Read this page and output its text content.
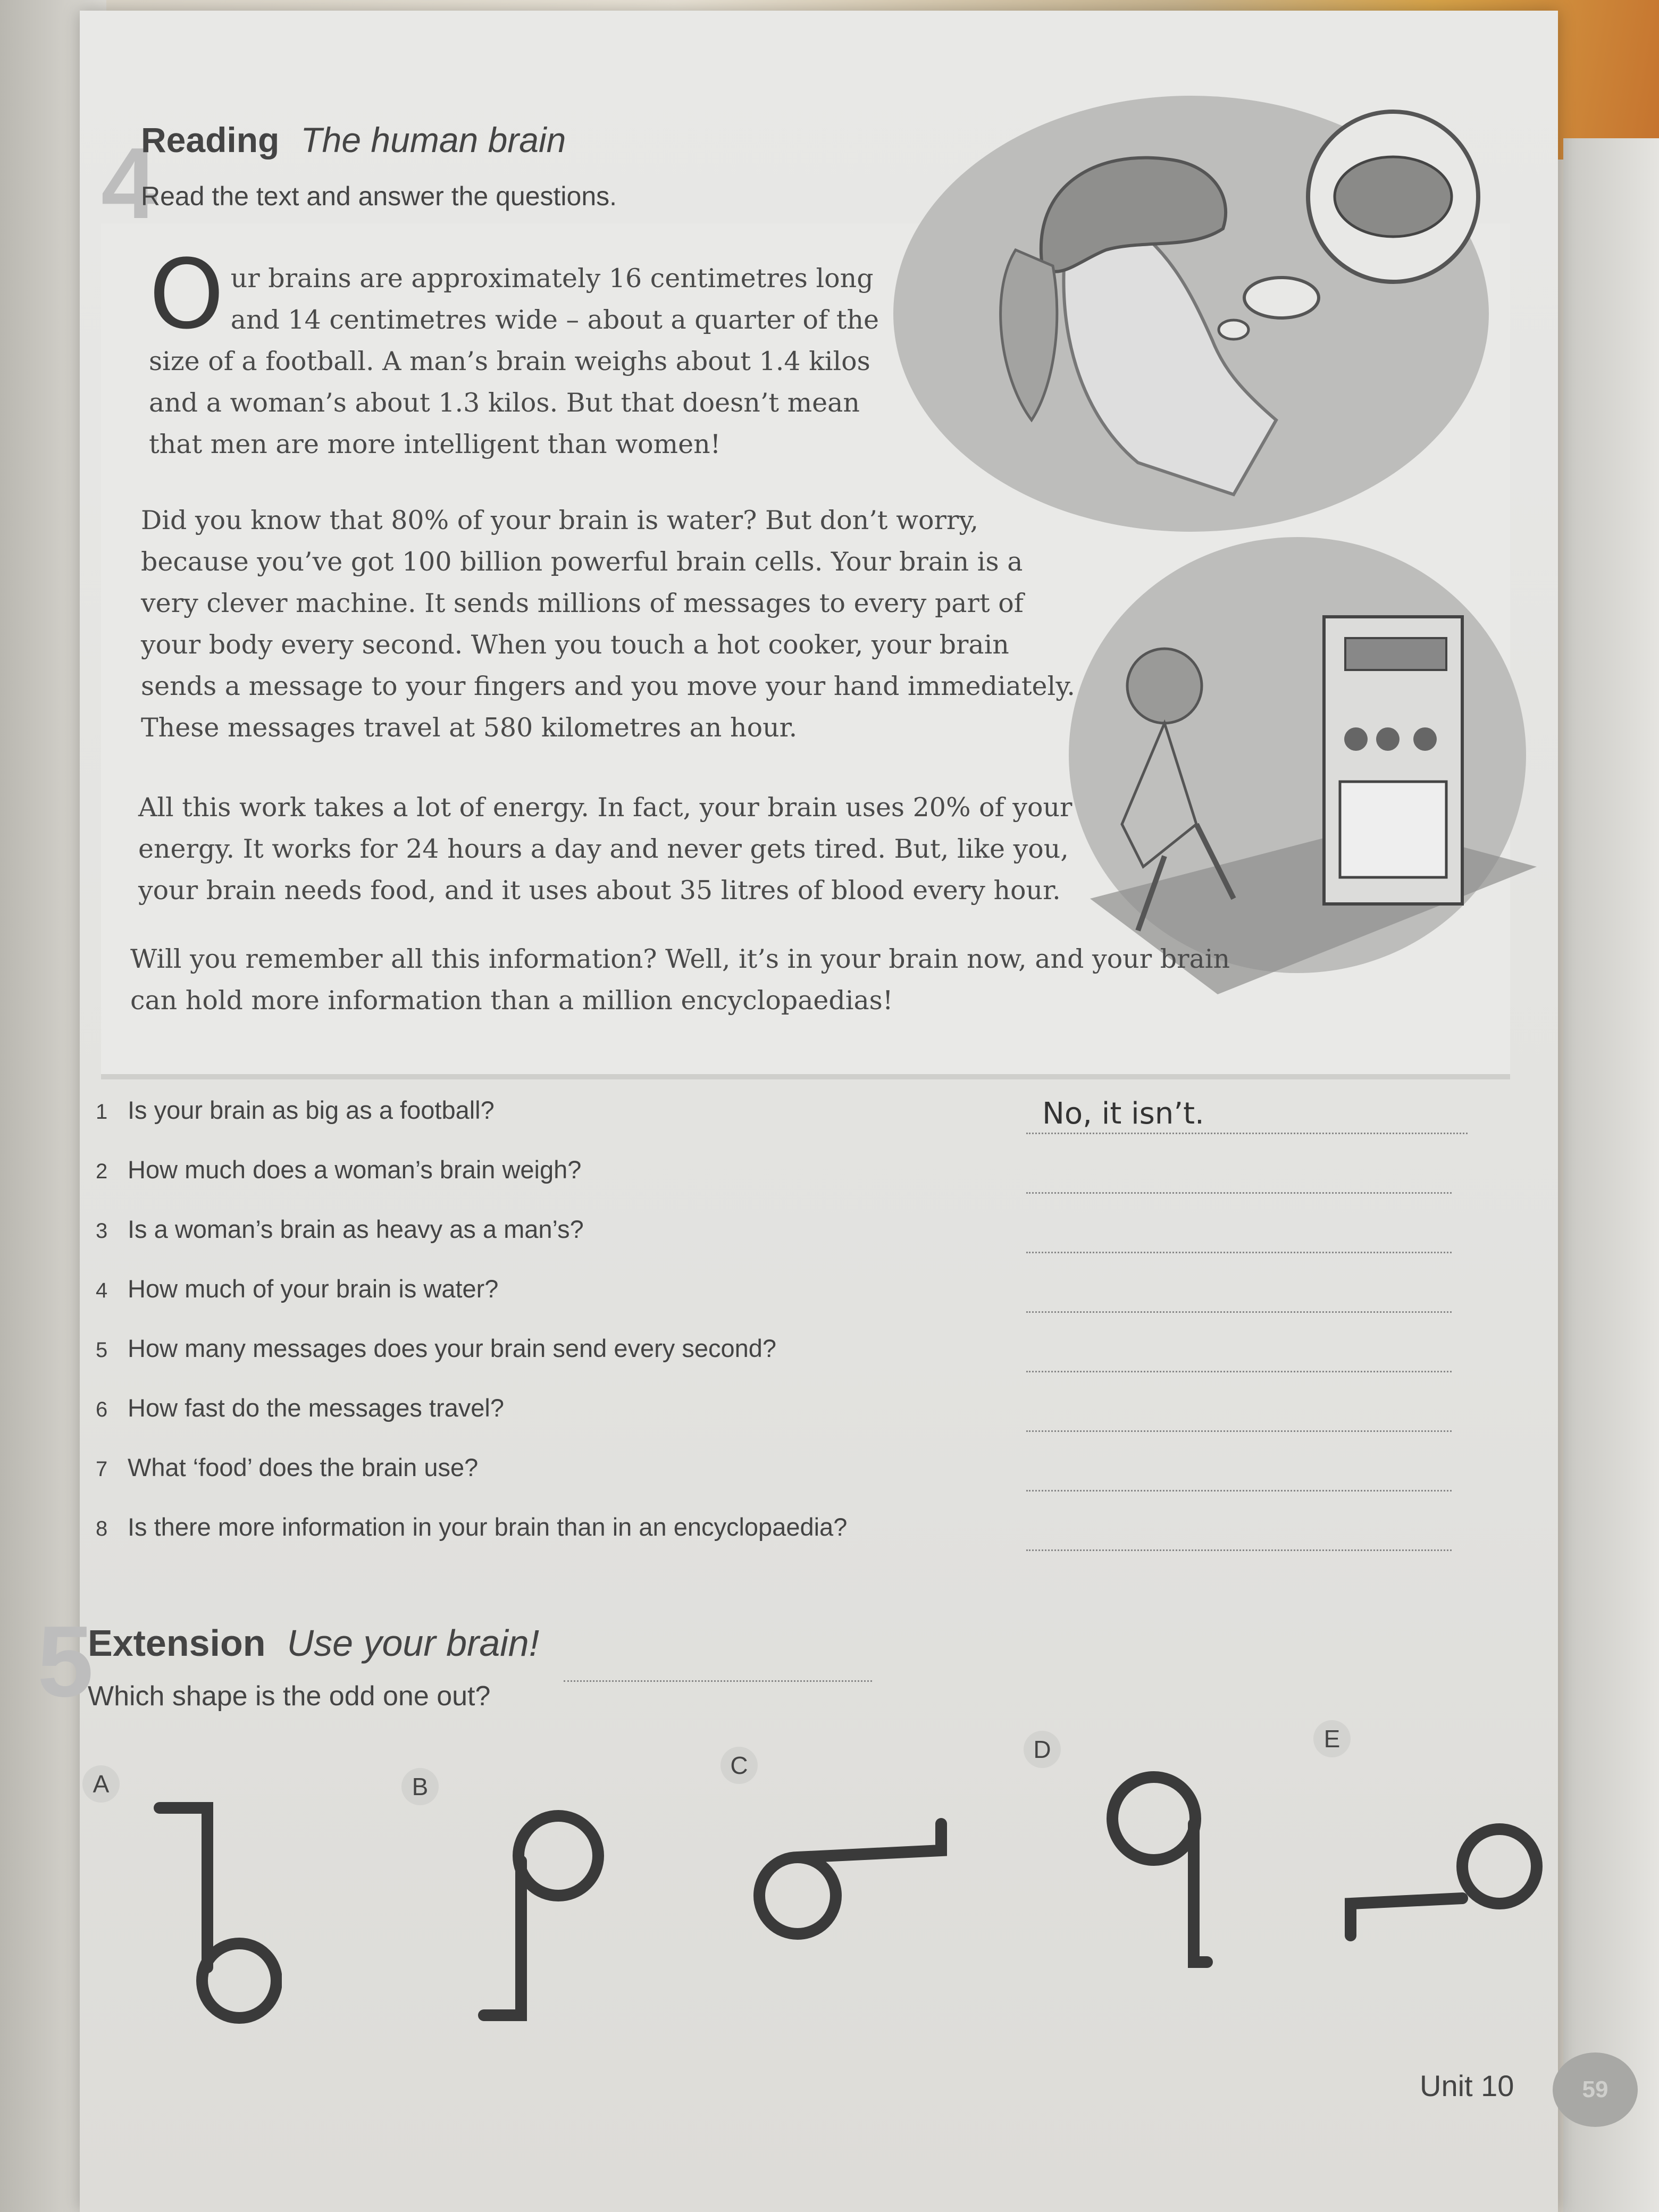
4
Reading The human brain
Read the text and answer the questions.
Our brains are approximately 16 centimetres long and 14 centimetres wide – about a quarter of the size of a football. A man’s brain weighs about 1.4 kilos and a woman’s about 1.3 kilos. But that doesn’t mean that men are more intelligent than women!
Did you know that 80% of your brain is water? But don’t worry, because you’ve got 100 billion powerful brain cells. Your brain is a very clever machine. It sends millions of messages to every part of your body every second. When you touch a hot cooker, your brain sends a message to your fingers and you move your hand immediately. These messages travel at 580 kilometres an hour.
All this work takes a lot of energy. In fact, your brain uses 20% of your energy. It works for 24 hours a day and never gets tired. But, like you, your brain needs food, and it uses about 35 litres of blood every hour.
Will you remember all this information? Well, it’s in your brain now, and your brain can hold more information than a million encyclopaedias!
1 Is your brain as big as a football?	No, it isn’t.
2 How much does a woman’s brain weigh?
3 Is a woman’s brain as heavy as a man’s?
4 How much of your brain is water?
5 How many messages does your brain send every second?
6 How fast do the messages travel?
7 What ‘food’ does the brain use?
8 Is there more information in your brain than in an encyclopaedia?
5
Extension Use your brain!
Which shape is the odd one out?
A	B
C
D	E
Unit 10	59
